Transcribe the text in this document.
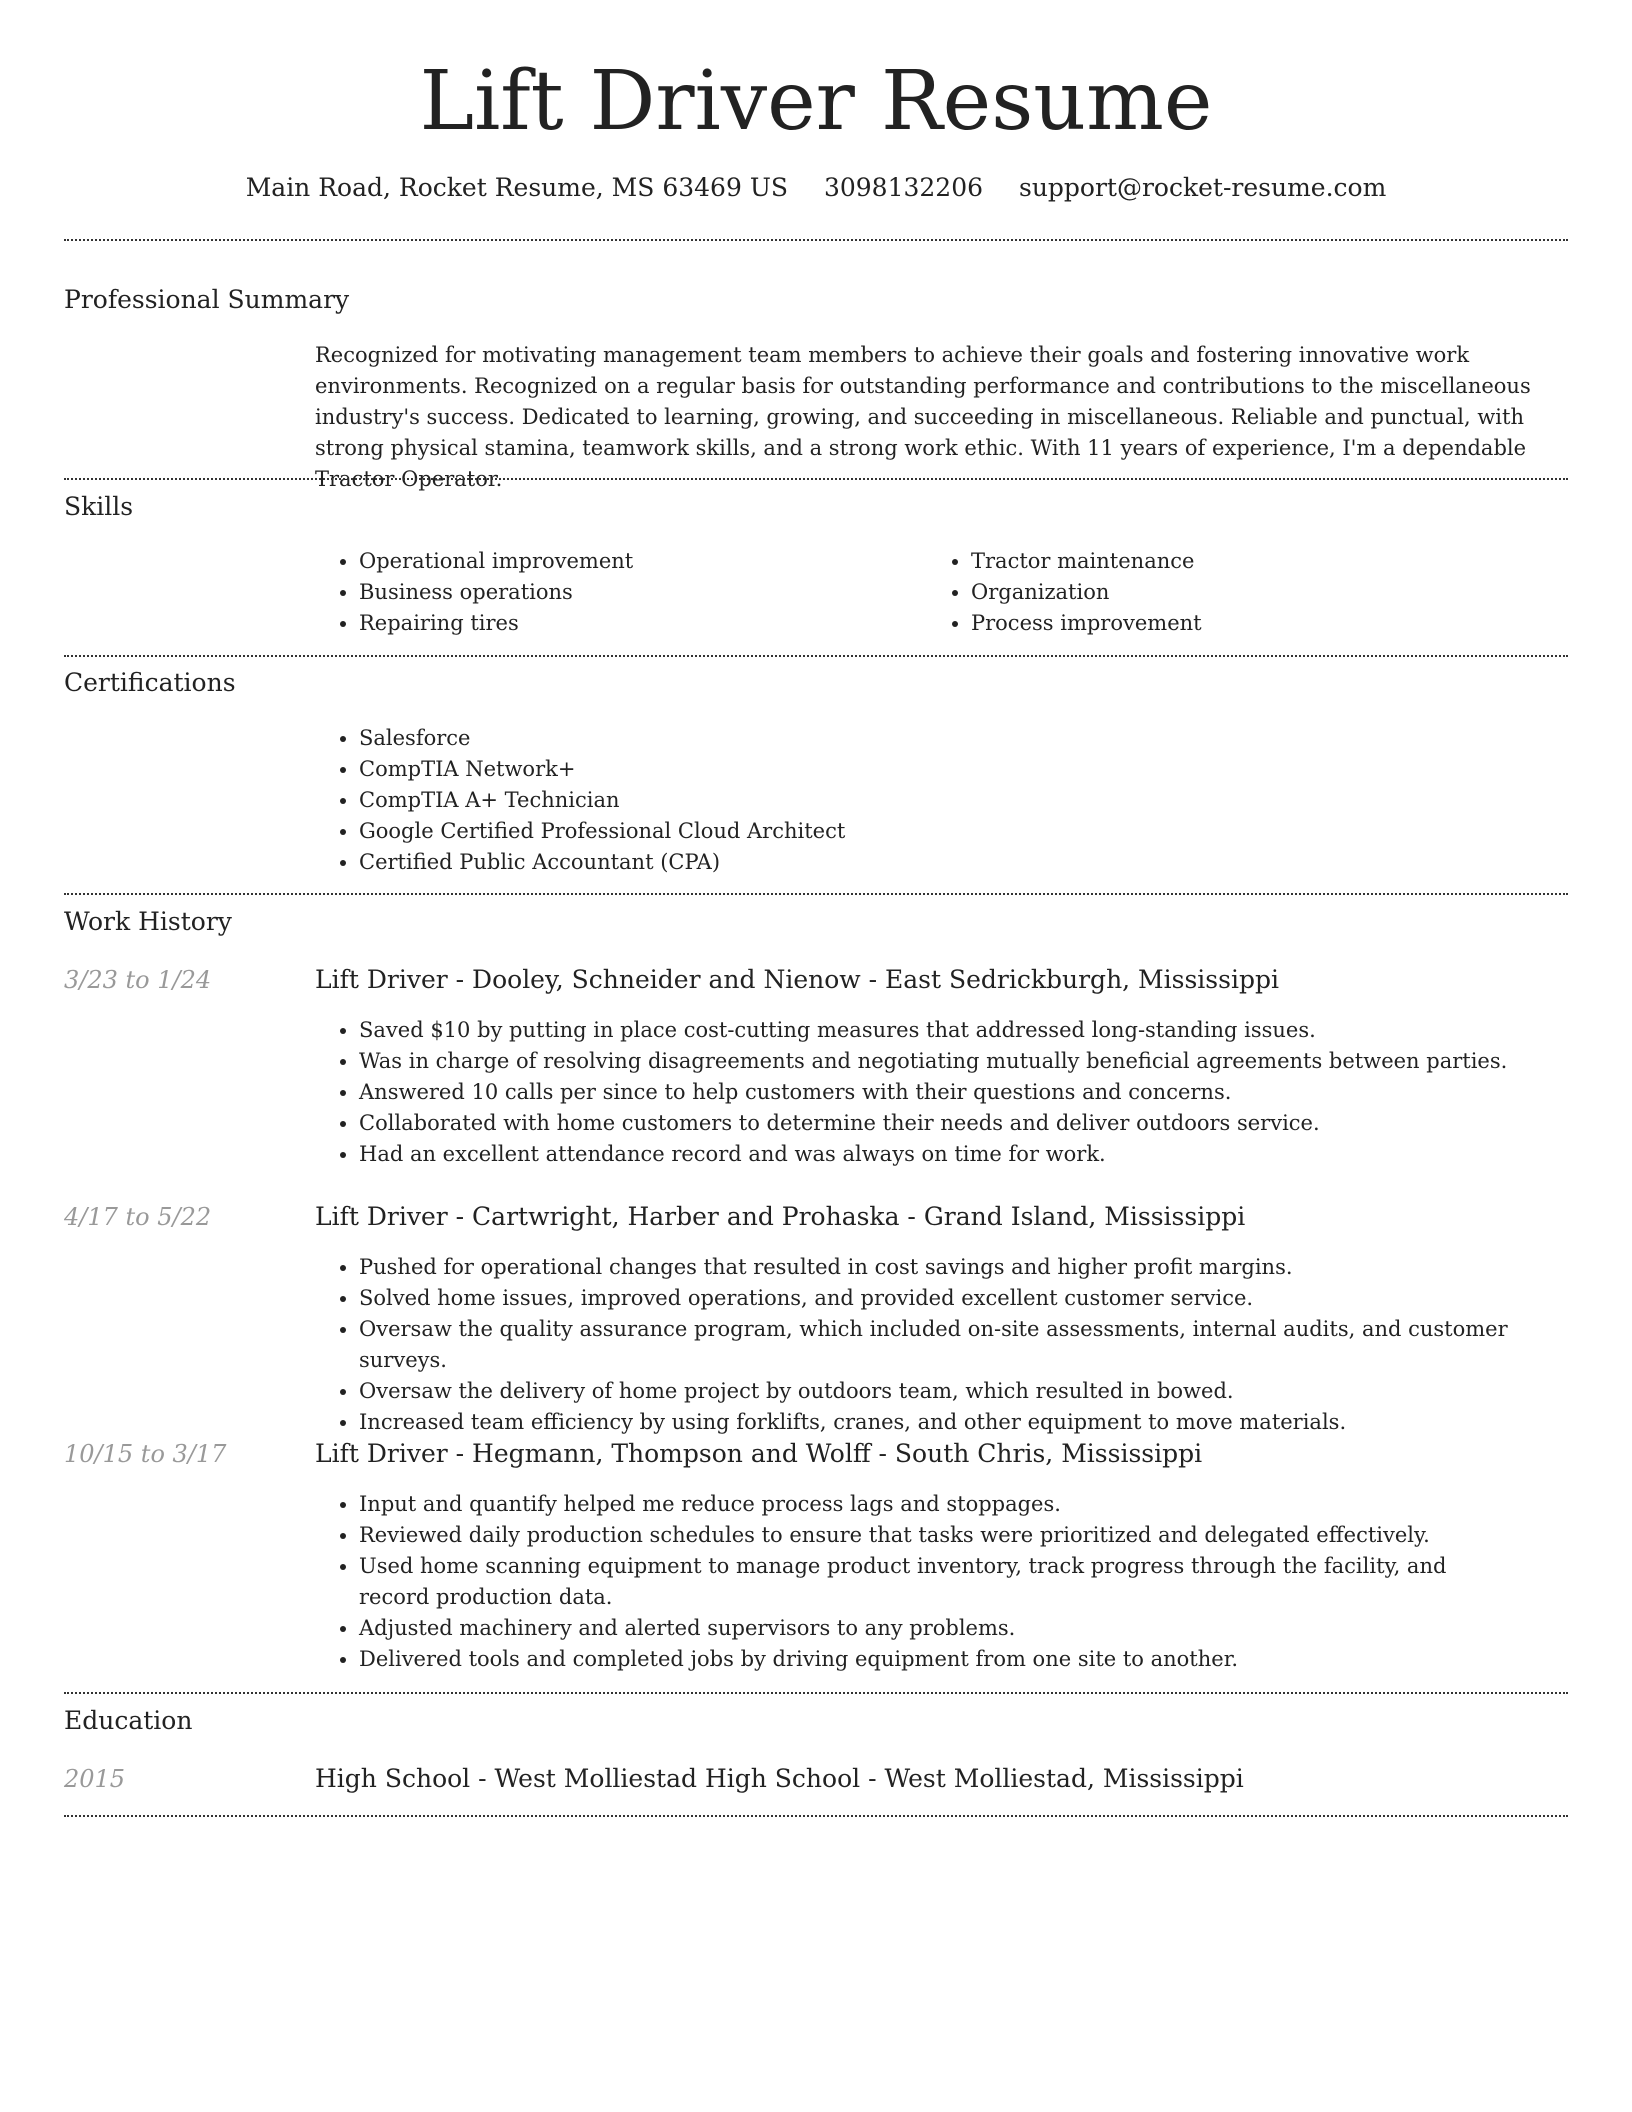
Lift Driver Resume
Main Road, Rocket Resume, MS 63469 US 3098132206 support@rocket-resume.com
Professional Summary
Recognized for motivating management team members to achieve their goals and fostering innovative work environments. Recognized on a regular basis for outstanding performance and contributions to the miscellaneous industry's success. Dedicated to learning, growing, and succeeding in miscellaneous. Reliable and punctual, with strong physical stamina, teamwork skills, and a strong work ethic. With 11 years of experience, I'm a dependable Tractor Operator.
Skills
• Operational improvement
• Business operations
• Repairing tires
• Tractor maintenance
• Organization
• Process improvement
Certifications
• Salesforce
• CompTIA Network+
• CompTIA A+ Technician
• Google Certified Professional Cloud Architect
• Certified Public Accountant (CPA)
Work History
3/23 to 1/24	Lift Driver - Dooley, Schneider and Nienow - East Sedrickburgh, Mississippi
• Saved $10 by putting in place cost-cutting measures that addressed long-standing issues.
• Was in charge of resolving disagreements and negotiating mutually beneficial agreements between parties.
• Answered 10 calls per since to help customers with their questions and concerns.
• Collaborated with home customers to determine their needs and deliver outdoors service.
• Had an excellent attendance record and was always on time for work.
4/17 to 5/22	Lift Driver - Cartwright, Harber and Prohaska - Grand Island, Mississippi
• Pushed for operational changes that resulted in cost savings and higher profit margins.
• Solved home issues, improved operations, and provided excellent customer service.
• Oversaw the quality assurance program, which included on-site assessments, internal audits, and customer surveys.
• Oversaw the delivery of home project by outdoors team, which resulted in bowed.
• Increased team efficiency by using forklifts, cranes, and other equipment to move materials.
10/15 to 3/17	Lift Driver - Hegmann, Thompson and Wolff - South Chris, Mississippi
• Input and quantify helped me reduce process lags and stoppages.
• Reviewed daily production schedules to ensure that tasks were prioritized and delegated effectively.
• Used home scanning equipment to manage product inventory, track progress through the facility, and record production data.
• Adjusted machinery and alerted supervisors to any problems.
• Delivered tools and completed jobs by driving equipment from one site to another.
Education
2015	High School - West Molliestad High School - West Molliestad, Mississippi
